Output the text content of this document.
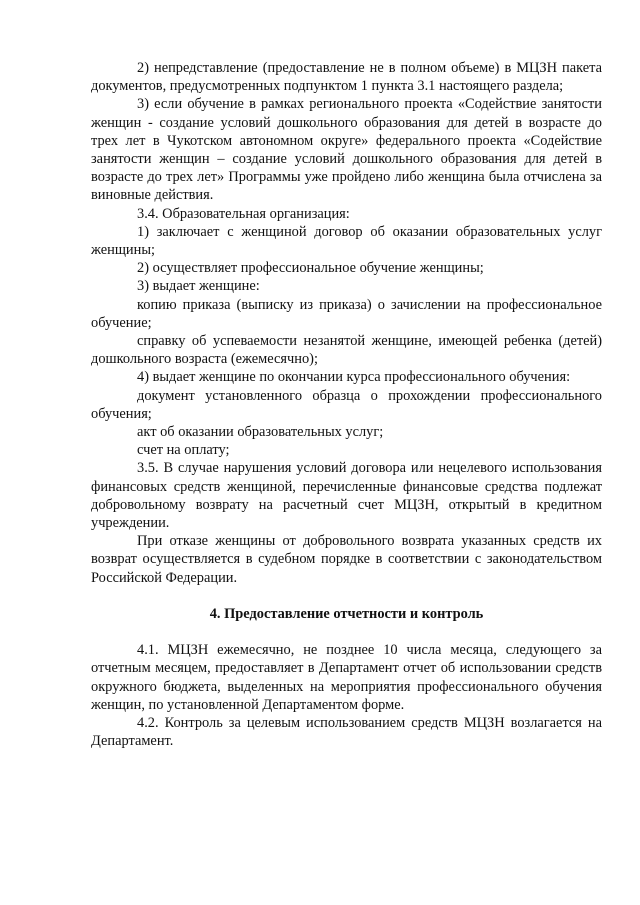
2) непредставление (предоставление не в полном объеме) в МЦЗН пакета документов, предусмотренных подпунктом 1 пункта 3.1 настоящего раздела;

3) если обучение в рамках регионального проекта «Содействие занятости женщин - создание условий дошкольного образования для детей в возрасте до трех лет в Чукотском автономном округе» федерального проекта «Содействие занятости женщин – создание условий дошкольного образования для детей в возрасте до трех лет» Программы уже пройдено либо женщина была отчислена за виновные действия.

3.4. Образовательная организация:

1) заключает с женщиной договор об оказании образовательных услуг женщины;

2) осуществляет профессиональное обучение женщины;

3) выдает женщине:

копию приказа (выписку из приказа) о зачислении на профессиональное обучение;

справку об успеваемости незанятой женщине, имеющей ребенка (детей) дошкольного возраста (ежемесячно);

4) выдает женщине по окончании курса профессионального обучения:

документ установленного образца о прохождении профессионального обучения;

акт об оказании образовательных услуг;

счет на оплату;

3.5. В случае нарушения условий договора или нецелевого использования финансовых средств женщиной, перечисленные финансовые средства подлежат добровольному возврату на расчетный счет МЦЗН, открытый в кредитном учреждении.

При отказе женщины от добровольного возврата указанных средств их возврат осуществляется в судебном порядке в соответствии с законодательством Российской Федерации.

4. Предоставление отчетности и контроль

4.1. МЦЗН ежемесячно, не позднее 10 числа месяца, следующего за отчетным месяцем, предоставляет в Департамент отчет об использовании средств окружного бюджета, выделенных на мероприятия профессионального обучения женщин, по установленной Департаментом форме.

4.2. Контроль за целевым использованием средств МЦЗН возлагается на Департамент.
